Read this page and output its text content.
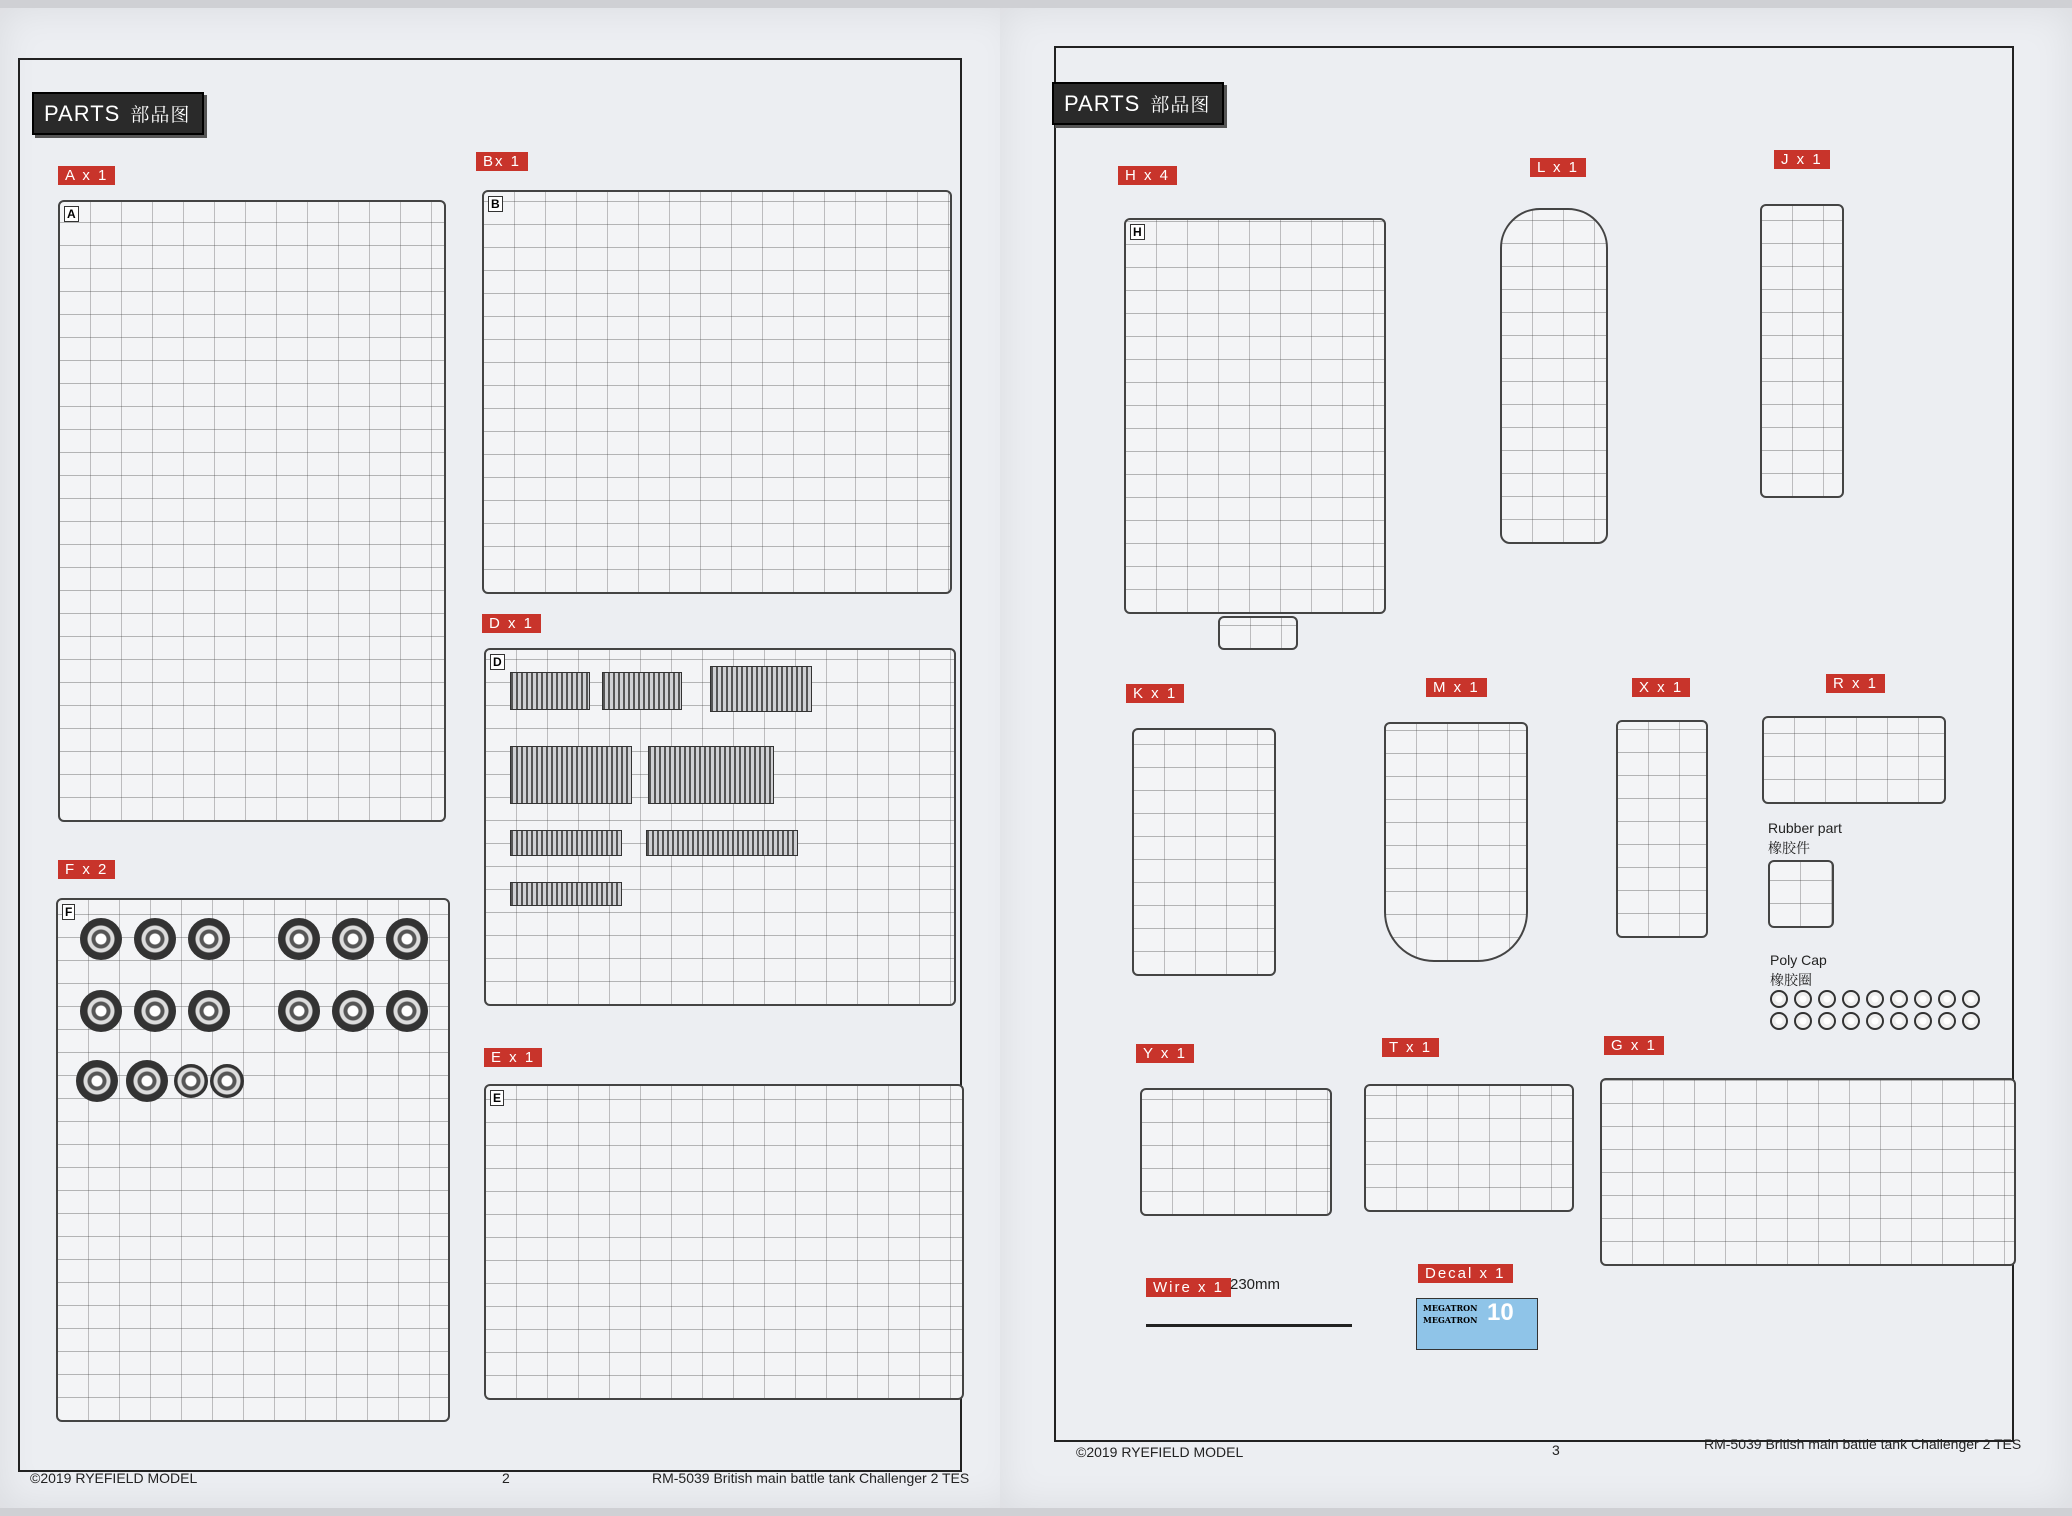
PARTS 部品图
A x 1
A
Bx 1
B
D x 1
D
F x 2
F
E x 1
E
©2019 RYEFIELD MODEL	2	RM-5039 British main battle tank Challenger 2 TES
PARTS 部品图
H x 4
H
L x 1	J x 1
K x 1	M x 1	X x 1	R x 1
Rubber part
橡胶件
Poly Cap
橡胶圈
Y x 1	T x 1	G x 1
Wire x 1 230mm
Decal x 1
MEGATRON
MEGATRON 10
©2019 RYEFIELD MODEL	3	RM-5039 British main battle tank Challenger 2 TES
